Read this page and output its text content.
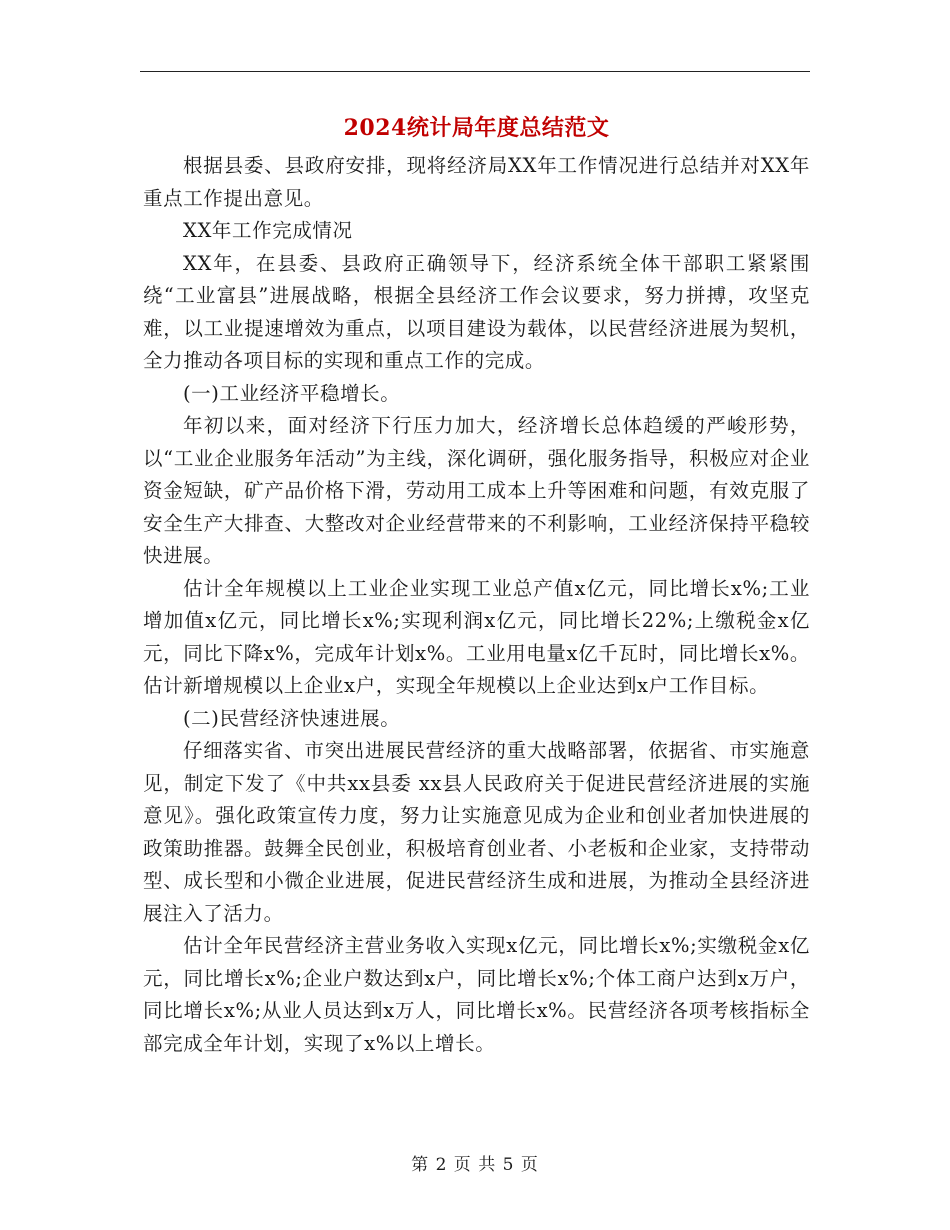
2024统计局年度总结范文

根据县委、县政府安排，现将经济局XX年工作情况进行总结并对XX年重点工作提出意见。

XX年工作完成情况

XX年，在县委、县政府正确领导下，经济系统全体干部职工紧紧围绕“工业富县”进展战略，根据全县经济工作会议要求，努力拼搏，攻坚克难，以工业提速增效为重点，以项目建设为载体，以民营经济进展为契机，全力推动各项目标的实现和重点工作的完成。

(一)工业经济平稳增长。

年初以来，面对经济下行压力加大，经济增长总体趋缓的严峻形势，以“工业企业服务年活动”为主线，深化调研，强化服务指导，积极应对企业资金短缺，矿产品价格下滑，劳动用工成本上升等困难和问题，有效克服了安全生产大排查、大整改对企业经营带来的不利影响，工业经济保持平稳较快进展。

估计全年规模以上工业企业实现工业总产值x亿元，同比增长x%;工业增加值x亿元，同比增长x%;实现利润x亿元，同比增长22%;上缴税金x亿元，同比下降x%，完成年计划x%。工业用电量x亿千瓦时，同比增长x%。估计新增规模以上企业x户，实现全年规模以上企业达到x户工作目标。

(二)民营经济快速进展。

仔细落实省、市突出进展民营经济的重大战略部署，依据省、市实施意见，制定下发了《中共xx县委 xx县人民政府关于促进民营经济进展的实施意见》。强化政策宣传力度，努力让实施意见成为企业和创业者加快进展的政策助推器。鼓舞全民创业，积极培育创业者、小老板和企业家，支持带动型、成长型和小微企业进展，促进民营经济生成和进展，为推动全县经济进展注入了活力。

估计全年民营经济主营业务收入实现x亿元，同比增长x%;实缴税金x亿元，同比增长x%;企业户数达到x户，同比增长x%;个体工商户达到x万户，同比增长x%;从业人员达到x万人，同比增长x%。民营经济各项考核指标全部完成全年计划，实现了x%以上增长。

第 2 页 共 5 页
